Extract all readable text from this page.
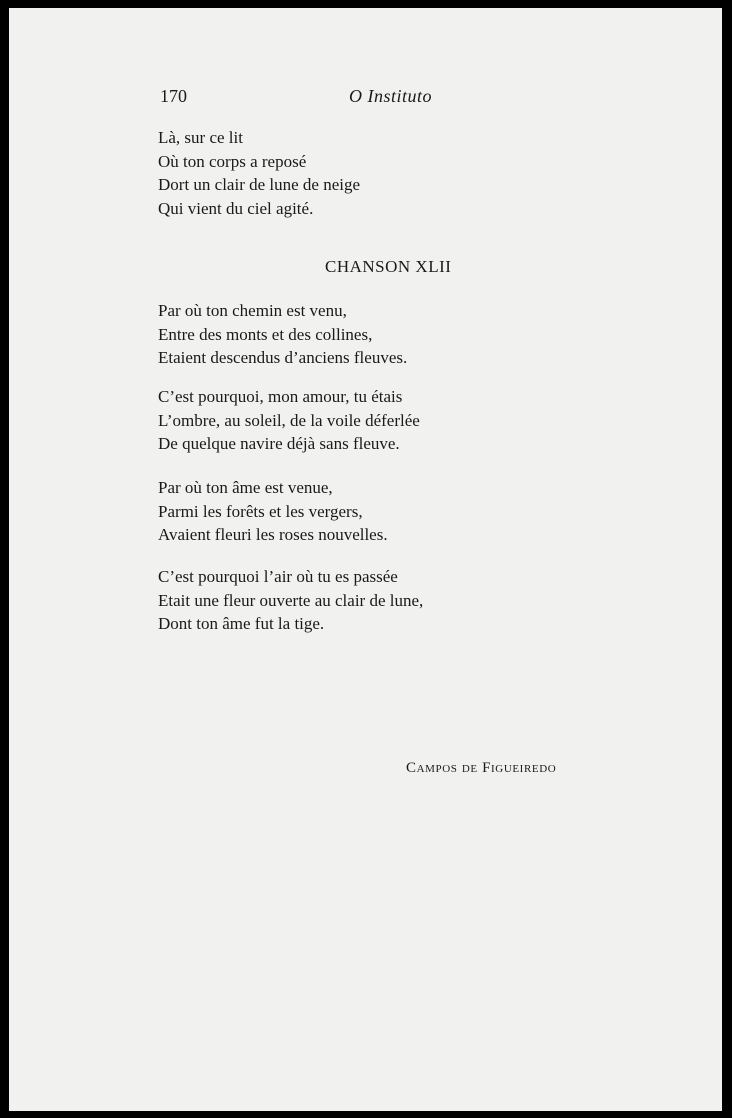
170	O Instituto

Là, sur ce lit
Où ton corps a reposé
Dort un clair de lune de neige
Qui vient du ciel agité.

CHANSON XLII

Par où ton chemin est venu,
Entre des monts et des collines,
Etaient descendus d’anciens fleuves.

C’est pourquoi, mon amour, tu étais
L’ombre, au soleil, de la voile déferlée
De quelque navire déjà sans fleuve.

Par où ton âme est venue,
Parmi les forêts et les vergers,
Avaient fleuri les roses nouvelles.

C’est pourquoi l’air où tu es passée
Etait une fleur ouverte au clair de lune,
Dont ton âme fut la tige.

Campos de Figueiredo
